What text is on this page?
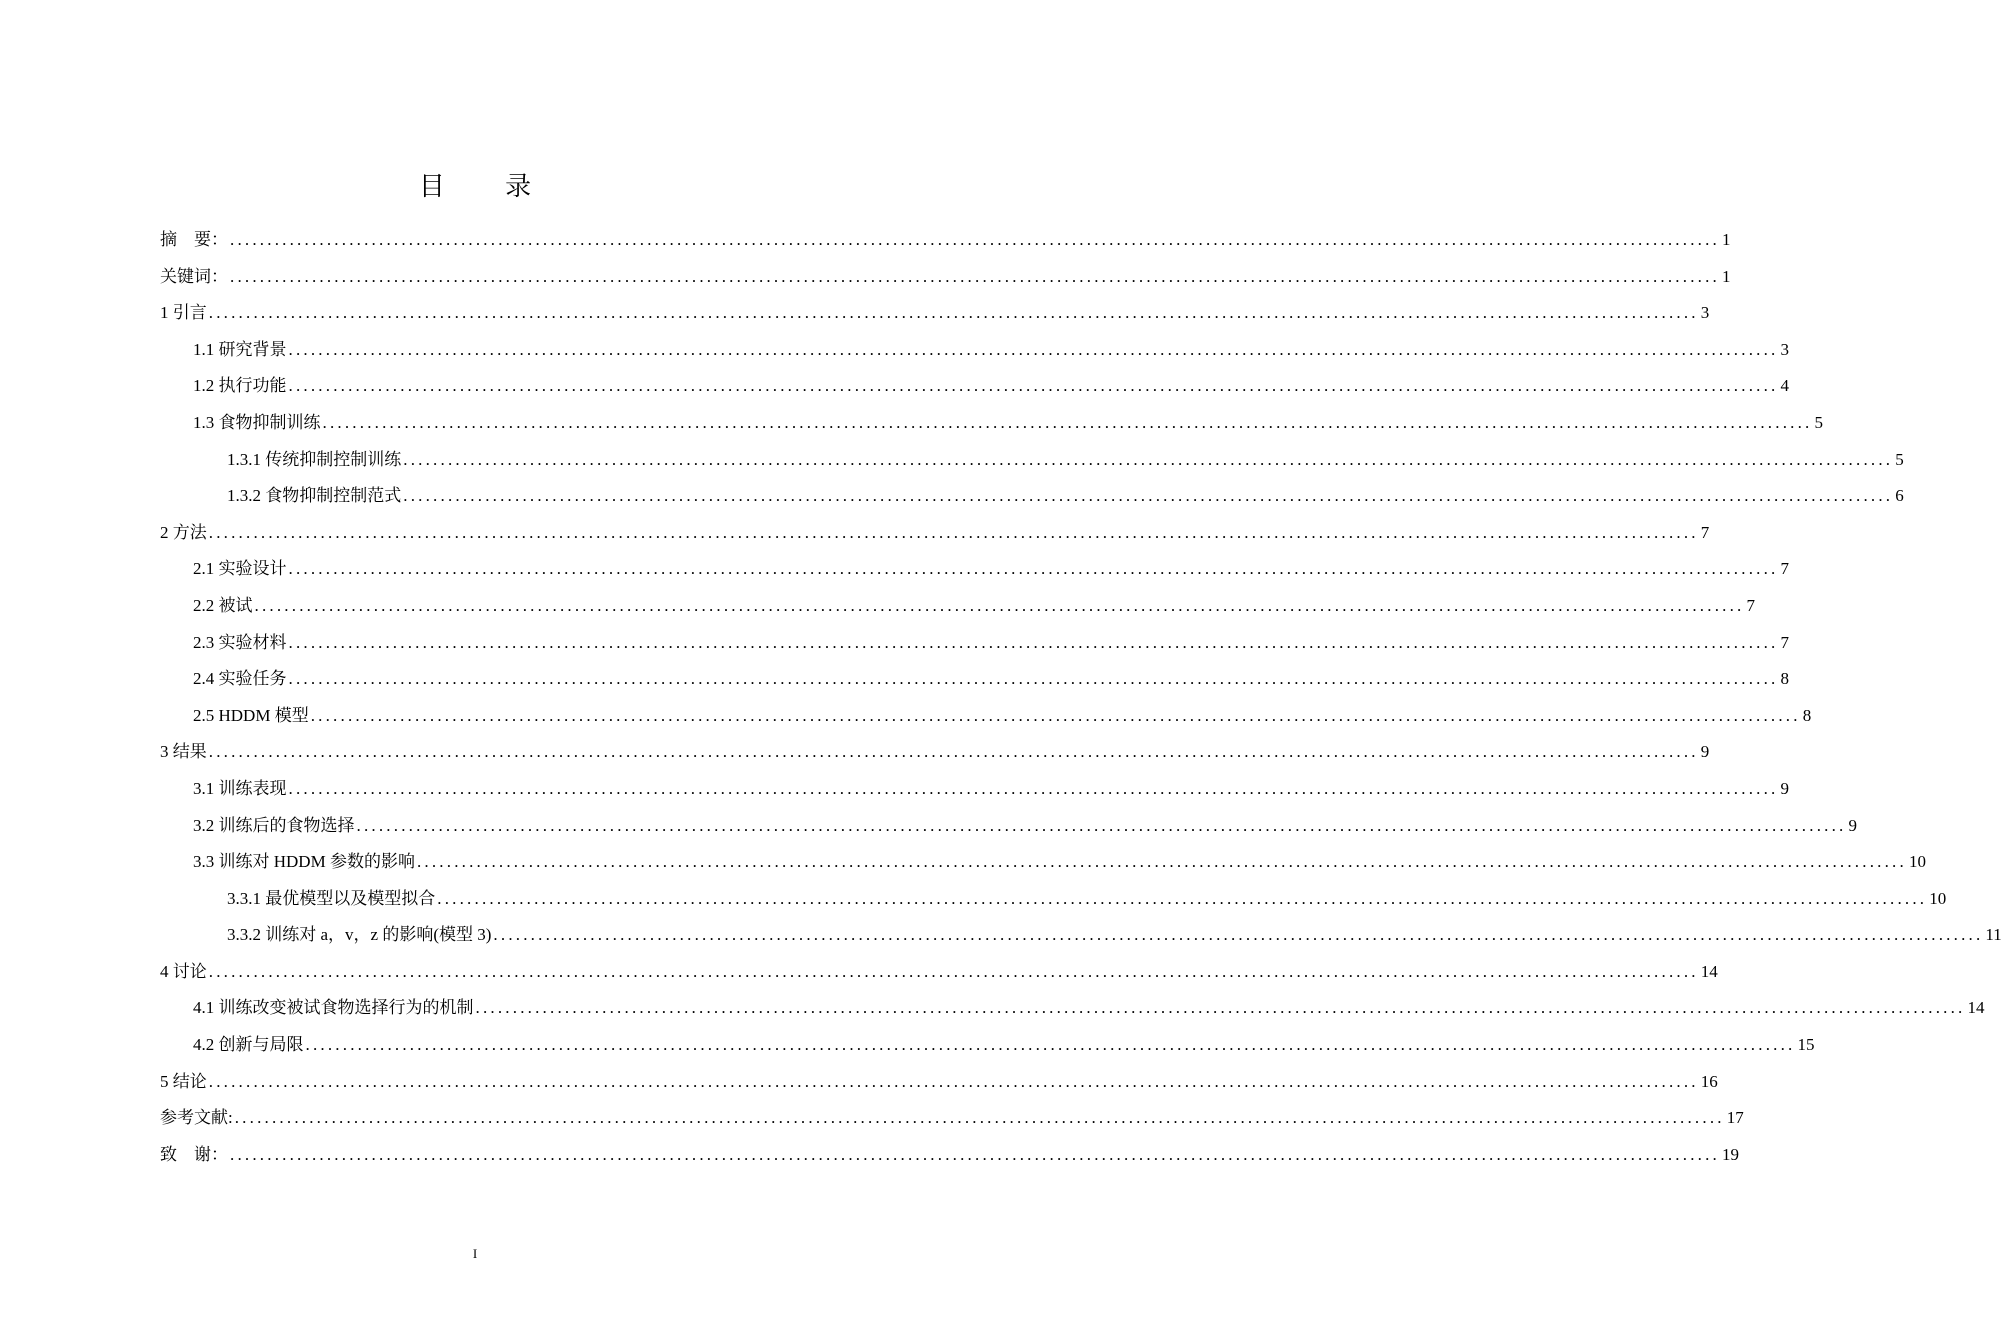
目 录
摘　要： ........................................................................................................................................................................................................ 1
关键词： ........................................................................................................................................................................................................ 1
1 引言 ........................................................................................................................................................................................................ 3
1.1 研究背景 ........................................................................................................................................................................................................ 3
1.2 执行功能 ........................................................................................................................................................................................................ 4
1.3 食物抑制训练 ........................................................................................................................................................................................................ 5
1.3.1 传统抑制控制训练 ........................................................................................................................................................................................................ 5
1.3.2 食物抑制控制范式 ........................................................................................................................................................................................................ 6
2 方法 ........................................................................................................................................................................................................ 7
2.1 实验设计 ........................................................................................................................................................................................................ 7
2.2 被试 ........................................................................................................................................................................................................ 7
2.3 实验材料 ........................................................................................................................................................................................................ 7
2.4 实验任务 ........................................................................................................................................................................................................ 8
2.5 HDDM 模型 ........................................................................................................................................................................................................ 8
3 结果 ........................................................................................................................................................................................................ 9
3.1 训练表现 ........................................................................................................................................................................................................ 9
3.2 训练后的食物选择 ........................................................................................................................................................................................................ 9
3.3 训练对 HDDM 参数的影响 ........................................................................................................................................................................................................ 10
3.3.1 最优模型以及模型拟合 ........................................................................................................................................................................................................ 10
3.3.2 训练对 a，v，z 的影响(模型 3) ........................................................................................................................................................................................................ 11
4 讨论 ........................................................................................................................................................................................................ 14
4.1 训练改变被试食物选择行为的机制 ........................................................................................................................................................................................................ 14
4.2 创新与局限 ........................................................................................................................................................................................................ 15
5 结论 ........................................................................................................................................................................................................ 16
参考文献: ........................................................................................................................................................................................................ 17
致　谢： ........................................................................................................................................................................................................ 19
I
